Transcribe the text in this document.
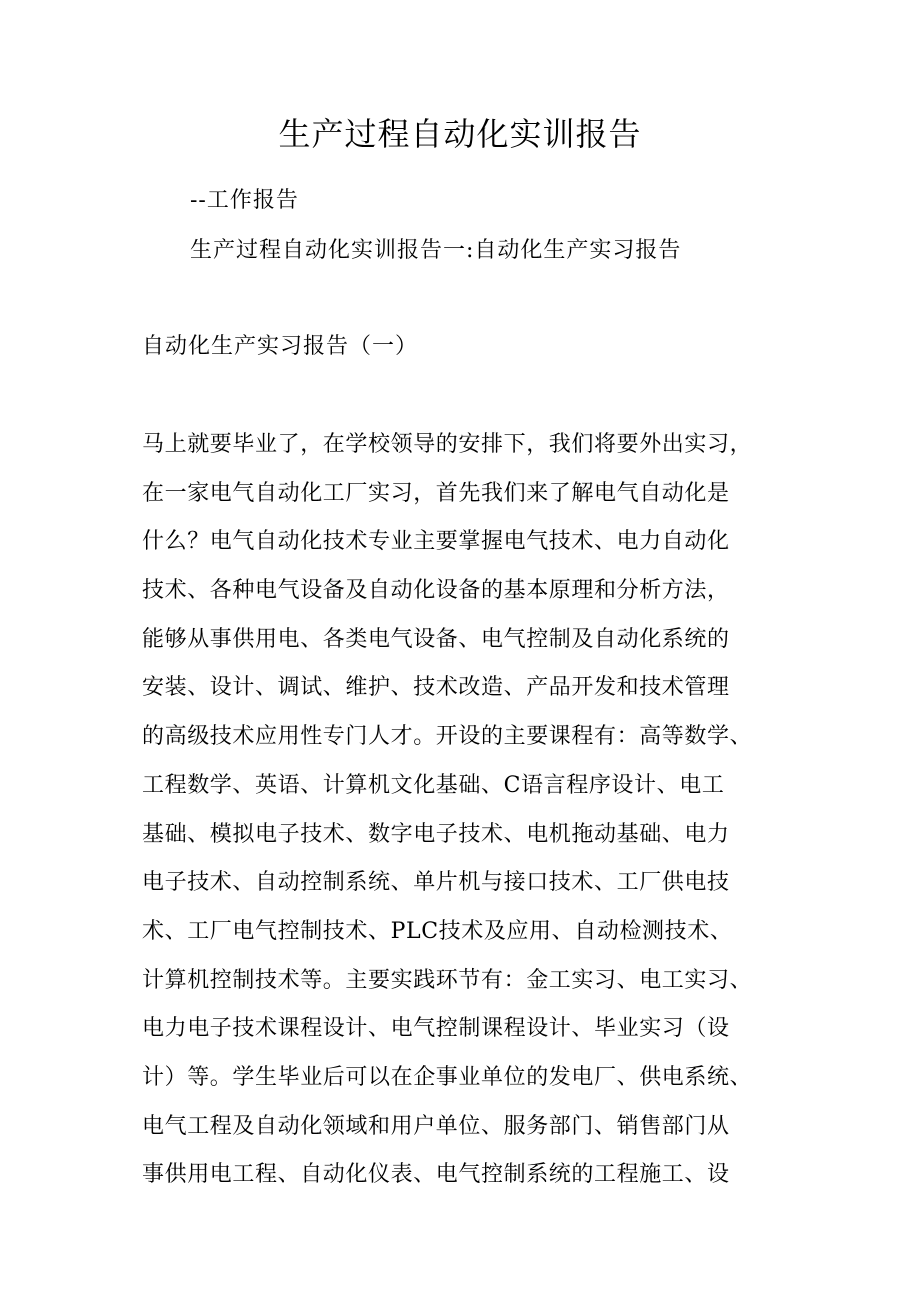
生产过程自动化实训报告
--工作报告
生产过程自动化实训报告一:自动化生产实习报告
自动化生产实习报告（一）
马上就要毕业了，在学校领导的安排下，我们将要外出实习，
在一家电气自动化工厂实习，首先我们来了解电气自动化是
什么？电气自动化技术专业主要掌握电气技术、电力自动化
技术、各种电气设备及自动化设备的基本原理和分析方法，
能够从事供用电、各类电气设备、电气控制及自动化系统的
安装、设计、调试、维护、技术改造、产品开发和技术管理
的高级技术应用性专门人才。开设的主要课程有：高等数学、
工程数学、英语、计算机文化基础、C语言程序设计、电工
基础、模拟电子技术、数字电子技术、电机拖动基础、电力
电子技术、自动控制系统、单片机与接口技术、工厂供电技
术、工厂电气控制技术、PLC技术及应用、自动检测技术、
计算机控制技术等。主要实践环节有：金工实习、电工实习、
电力电子技术课程设计、电气控制课程设计、毕业实习（设
计）等。学生毕业后可以在企事业单位的发电厂、供电系统、
电气工程及自动化领域和用户单位、服务部门、销售部门从
事供用电工程、自动化仪表、电气控制系统的工程施工、设
